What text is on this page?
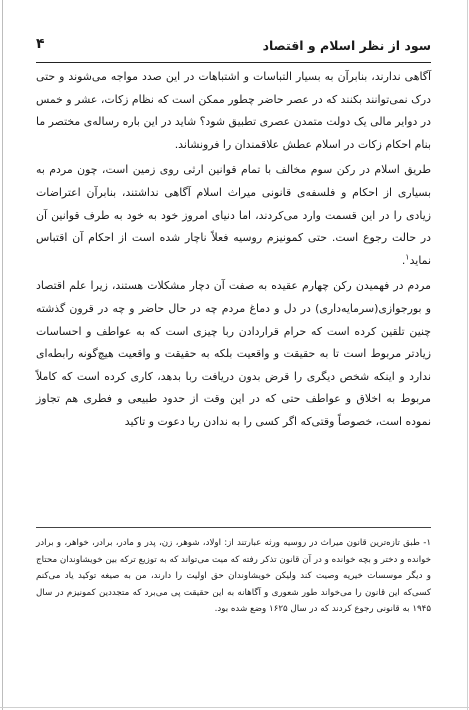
سود از نظر اسلام و اقتصاد
۴

آگاهی ندارند، بنابرآن به بسیار التباسات و اشتباهات در این صدد مواجه می‌شوند و حتی درک نمی‌توانند بکنند که در عصر حاضر چطور ممکن است که نظام زکات، عشر و خمس در دوایر مالی یک دولت متمدن عصری تطبیق شود؟ شاید در این باره رساله‌ی مختصر ما بنام احکام زکات در اسلام عطش علاقمندان را فرونشاند.

طریق اسلام در رکن سوم مخالف با تمام قوانین ارثی روی زمین است، چون مردم به بسیاری از احکام و فلسفه‌ی قانونی میراث اسلام آگاهی نداشتند، بنابرآن اعتراضات زیادی را در این قسمت وارد می‌کردند، اما دنیای امروز خود به خود به طرف قوانین آن در حالت رجوع است. حتی کمونیزم روسیه فعلاً ناچار شده است از احکام آن اقتباس نماید$^۱$.

مردم در فهمیدن رکن چهارم عقیده به صفت آن دچار مشکلات هستند، زیرا علم اقتصاد و بورجوازی(سرمایه‌داری) در دل و دماغ مردم چه در حال حاضر و چه در قرون گذشته چنین تلقین کرده است که حرام قراردادن ربا چیزی است که به عواطف و احساسات زیادتر مربوط است تا به حقیقت و واقعیت بلکه به حقیقت و واقعیت هیچ‌گونه رابطه‌ای ندارد و اینکه شخص دیگری را قرض بدون دریافت ربا بدهد، کاری کرده است که کاملاً مربوط به اخلاق و عواطف حتی که در این وقت از حدود طبیعی و فطری هم تجاوز نموده است، خصوصاً وقتی‌که اگر کسی را به ندادن ربا دعوت و تاکید

۱- طبق تازه‌ترین قانون میراث در روسیه ورثه عبارتند از: اولاد، شوهر، زن، پدر و مادر، برادر، خواهر، و برادر خوانده و دختر و بچه خوانده و در آن قانون تذکر رفته که میت می‌تواند که به توزیع ترکه بین خویشاوندان محتاج و دیگر موسسات خیریه وصیت کند ولیکن خویشاوندان حق اولیت را دارند، من به صیغه توکید یاد می‌کنم کسی‌که این قانون را می‌خواند طور شعوری و آگاهانه به این حقیقت پی می‌برد که متجددین کمونیزم در سال ۱۹۴۵ به قانونی رجوع کردند که در سال ۱۶۲۵ وضع شده بود.
